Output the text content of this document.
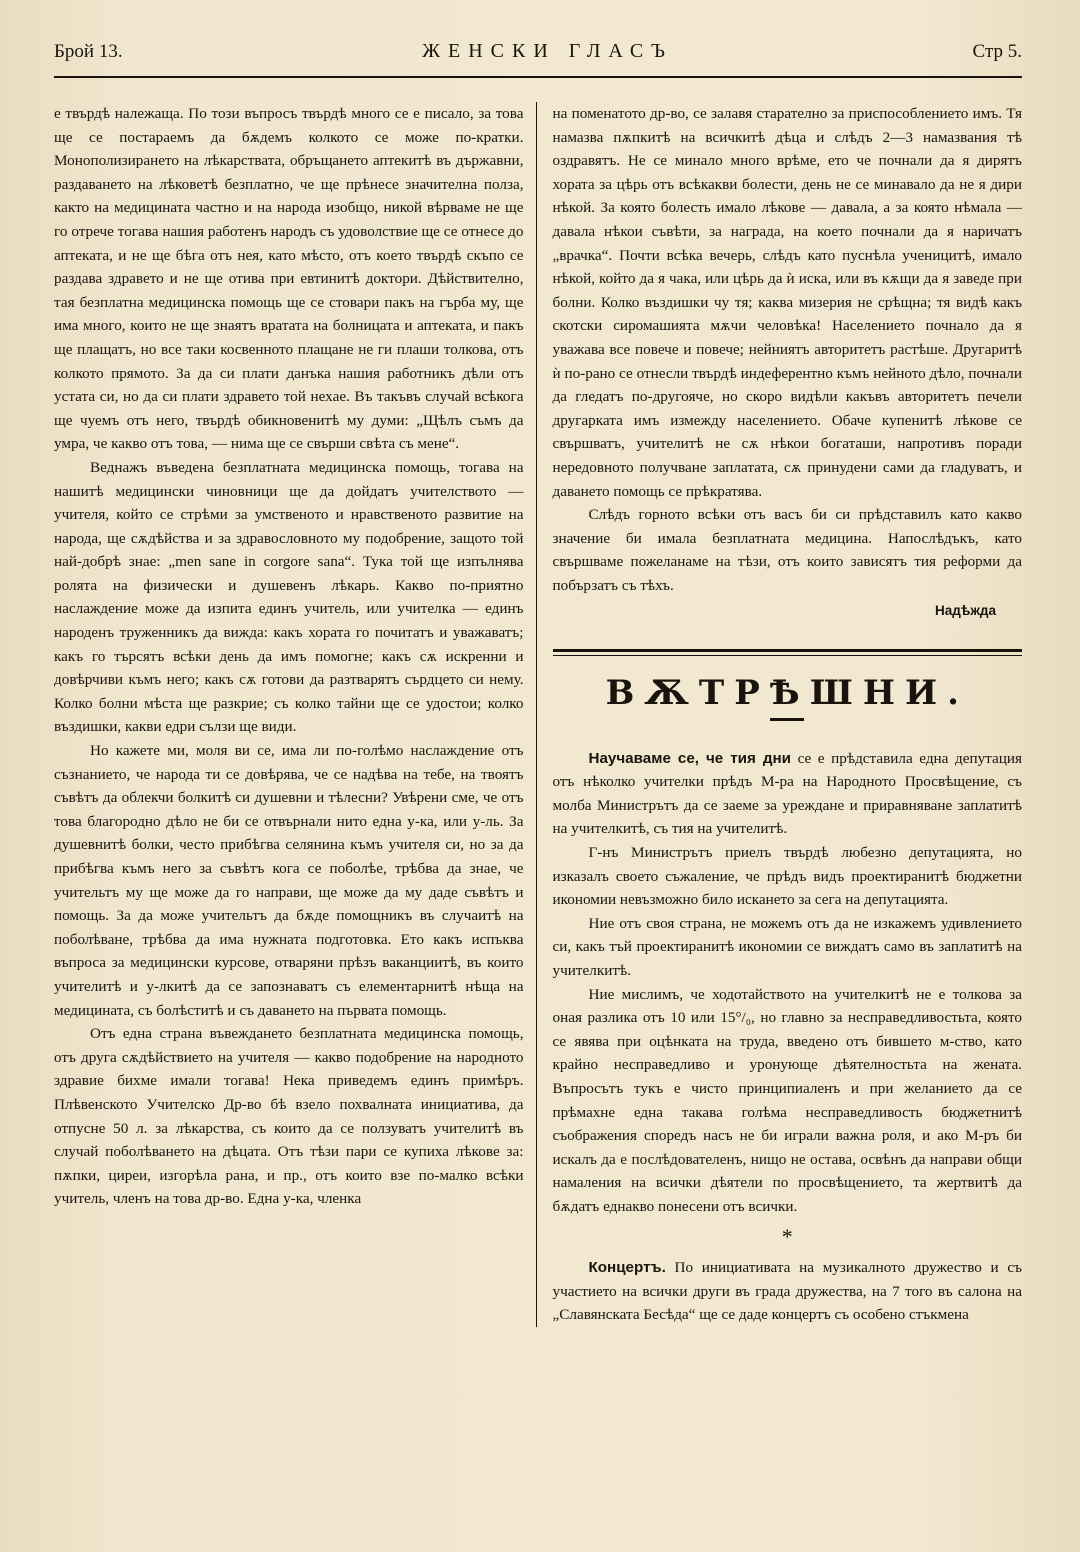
Брой 13.	ЖЕНСКИ ГЛАСЪ	Стр 5.

е твърдѣ належаща. По този въпросъ твърдѣ много се е писало, за това ще се постараемъ да бѫдемъ колкото се може по-кратки. Монополизирането на лѣкарствата, обръщането аптекитѣ въ държавни, раздаването на лѣковетѣ безплатно, че ще прѣнесе значителна полза, както на медицината частно и на народа изобщо, никой вѣрваме не ще го отрече тогава нашия работенъ народъ съ удоволствие ще се отнесе до аптеката, и не ще бѣга отъ нея, като мѣсто, отъ което твърдѣ скъпо се раздава здравето и не ще отива при евтинитѣ доктори. Дѣйствително, тая безплатна медицинска помощь ще се стовари пакъ на гърба му, ще има много, които не ще знаятъ вратата на болницата и аптеката, и пакъ ще плащатъ, но все таки косвенното плащане не ги плаши толкова, отъ колкото прямото. За да си плати данъка нашия работникъ дѣли отъ устата си, но да си плати здравето той нехае. Въ такъвъ случай всѣкога ще чуемъ отъ него, твърдѣ обикновенитѣ му думи: „Щѣлъ съмъ да умра, че какво отъ това, — нима ще се свърши свѣта съ мене“.

Веднажъ въведена безплатната медицинска помощь, тогава на нашитѣ медицински чиновници ще да дойдатъ учителството — учителя, който се стрѣми за умственото и нравственото развитие на народа, ще сѫдѣйства и за здравословното му подобрение, защото той най-добрѣ знае: „men sane in corgore sana“. Тука той ще изпълнява ролята на физически и душевенъ лѣкарь. Какво по-приятно наслаждение може да изпита единъ учитель, или учителка — единъ народенъ труженникъ да вижда: какъ хората го почитатъ и уважаватъ; какъ го търсятъ всѣки день да имъ помогне; какъ сѫ искренни и довѣрчиви къмъ него; какъ сѫ готови да разтварятъ сърдцето си нему. Колко болни мѣста ще разкрие; съ колко тайни ще се удостои; колко въздишки, какви едри сълзи ще види.

Но кажете ми, моля ви се, има ли по-голѣмо наслаждение отъ съзнанието, че народа ти се довѣрява, че се надѣва на тебе, на твоятъ съвѣтъ да облекчи болкитѣ си душевни и тѣлесни? Увѣрени сме, че отъ това благородно дѣло не би се отвърнали нито една у-ка, или у-ль. За душевнитѣ болки, често прибѣгва селянина къмъ учителя си, но за да прибѣгва къмъ него за съвѣтъ кога се поболѣе, трѣбва да знае, че учительтъ му ще може да го направи, ще може да му даде съвѣтъ и помощь. За да може учительтъ да бѫде помощникъ въ случаитѣ на поболѣване, трѣбва да има нужната подготовка. Ето какъ испъква въпроса за медицински курсове, отваряни прѣзъ ваканциитѣ, въ които учителитѣ и у-лкитѣ да се запознаватъ съ елементарнитѣ нѣща на медицината, съ болѣститѣ и съ даването на първата помощь.

Отъ една страна въвеждането безплатната медицинска помощь, отъ друга сѫдѣйствието на учителя — какво подобрение на народното здравие бихме имали тогава! Нека приведемъ единъ примѣръ. Плѣвенското Учителско Др-во бѣ взело похвалната инициатива, да отпусне 50 л. за лѣкарства, съ които да се ползуватъ учителитѣ въ случай поболѣването на дѣцата. Отъ тѣзи пари се купиха лѣкове за: пѫпки, циреи, изгорѣла рана, и пр., отъ които взе по-малко всѣки учитель, членъ на това др-во. Една у-ка, членка

на поменатото др-во, се залавя старателно за приспособлението имъ. Тя намазва пѫпкитѣ на всичкитѣ дѣца и слѣдъ 2—3 намазвания тѣ оздравятъ. Не се минало много врѣме, ето че почнали да я дирятъ хората за цѣрь отъ всѣкакви болести, день не се минавало да не я дири нѣкой. За която болесть имало лѣкове — давала, а за която нѣмала — давала нѣкои съвѣти, за награда, на което почнали да я наричатъ „врачка“. Почти всѣка вечерь, слѣдъ като пуснѣла ученицитѣ, имало нѣкой, който да я чака, или цѣрь да ѝ иска, или въ кѫщи да я заведе при болни. Колко въздишки чу тя; каква мизерия не срѣщна; тя видѣ какъ скотски сиромашията мѫчи человѣка! Населението почнало да я уважава все повече и повече; нейниятъ авторитетъ растѣше. Другаритѣ ѝ по-рано се отнесли твърдѣ индеферентно къмъ нейното дѣло, почнали да гледатъ по-другояче, но скоро видѣли какъвъ авторитетъ печели другарката имъ измежду населението. Обаче купенитѣ лѣкове се свършватъ, учителитѣ не сѫ нѣкои богаташи, напротивъ поради нередовното получване заплатата, сѫ принудени сами да гладуватъ, и даването помощь се прѣкратява.

Слѣдъ горното всѣки отъ васъ би си прѣдставилъ като какво значение би имала безплатната медицина. Напослѣдъкъ, като свършваме пожеланаме на тѣзи, отъ които зависятъ тия реформи да побързатъ съ тѣхъ.

Надѣжда
ВѪТРѢШНИ.

Научаваме се, че тия дни се е прѣдставила една депутация отъ нѣколко учителки прѣдъ М-ра на Народното Просвѣщение, съ молба Министрътъ да се заеме за уреждане и приравняване заплатитѣ на учителкитѣ, съ тия на учителитѣ.

Г-нъ Министрътъ приелъ твърдѣ любезно депутацията, но изказалъ своето съжаление, че прѣдъ видъ проектиранитѣ бюджетни икономии невъзможно било искането за сега на депутацията.

Ние отъ своя страна, не можемъ отъ да не изкажемъ удивлението си, какъ тъй проектиранитѣ икономии се виждатъ само въ заплатитѣ на учителкитѣ.

Ние мислимъ, че ходотайството на учителкитѣ не е толкова за оная разлика отъ 10 или 15°/₀, но главно за несправедливостьта, която се явява при оцѣнката на труда, введено отъ бившето м-ство, като крайно несправедливо и уронующе дѣятелностьта на жената. Въпросътъ тукъ е чисто принципиаленъ и при желанието да се прѣмахне една такава голѣма несправедливость бюджетнитѣ съображения споредъ насъ не би играли важна роля, и ако М-ръ би искалъ да е послѣдователенъ, нищо не остава, освѣнъ да направи общи намаления на всички дѣятели по просвѣщението, та жертвитѣ да бѫдатъ еднакво понесени отъ всички.

*

Концертъ. По инициативата на музикалното дружество и съ участието на всички други въ града дружества, на 7 того въ салона на „Славянската Бесѣда“ ще се даде концертъ съ особено стъкмена
